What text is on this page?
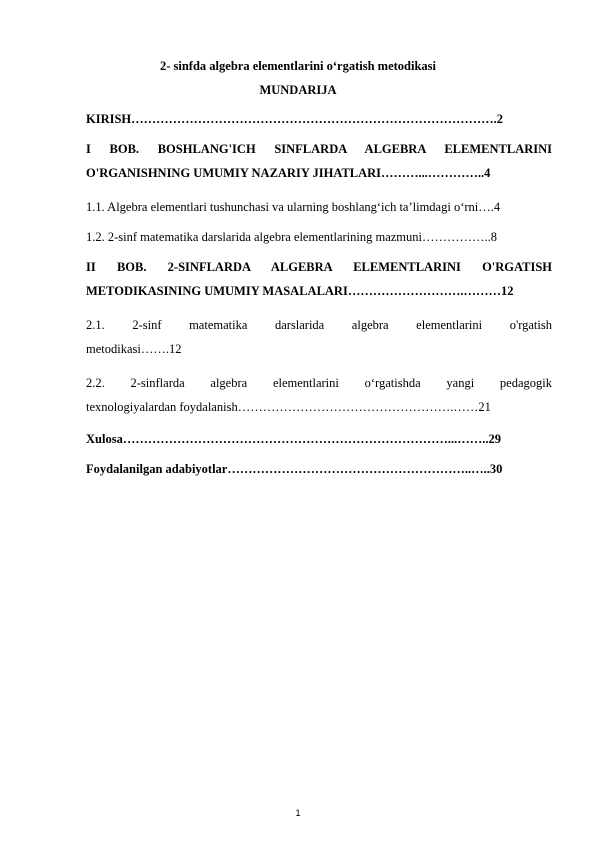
2- sinfda algebra elementlarini o‘rgatish metodikasi
MUNDARIJA
KIRISH…………………………………………………………………………….2
I BOB. BOSHLANG'ICH SINFLARDA ALGEBRA ELEMENTLARINI
O'RGANISHNING UMUMIY NAZARIY JIHATLARI………...…………..4
1.1. Algebra elementlari tushunchasi va ularning boshlang‘ich ta’limdagi o‘rni….4
1.2. 2-sinf matematika darslarida algebra elementlarining mazmuni……………..8
II BOB. 2-SINFLARDA ALGEBRA ELEMENTLARINI O'RGATISH
METODIKASINING UMUMIY MASALALARI……………………….………12
2.1. 2-sinf matematika darslarida algebra elementlarini o'rgatish
metodikasi…….12
2.2. 2-sinflarda algebra elementlarini o‘rgatishda yangi pedagogik
texnologiyalardan foydalanish…………………………………………….……21
Xulosa……………………………………………………………………...……..29
Foydalanilgan adabiyotlar…………………………………………………..…..30
1
